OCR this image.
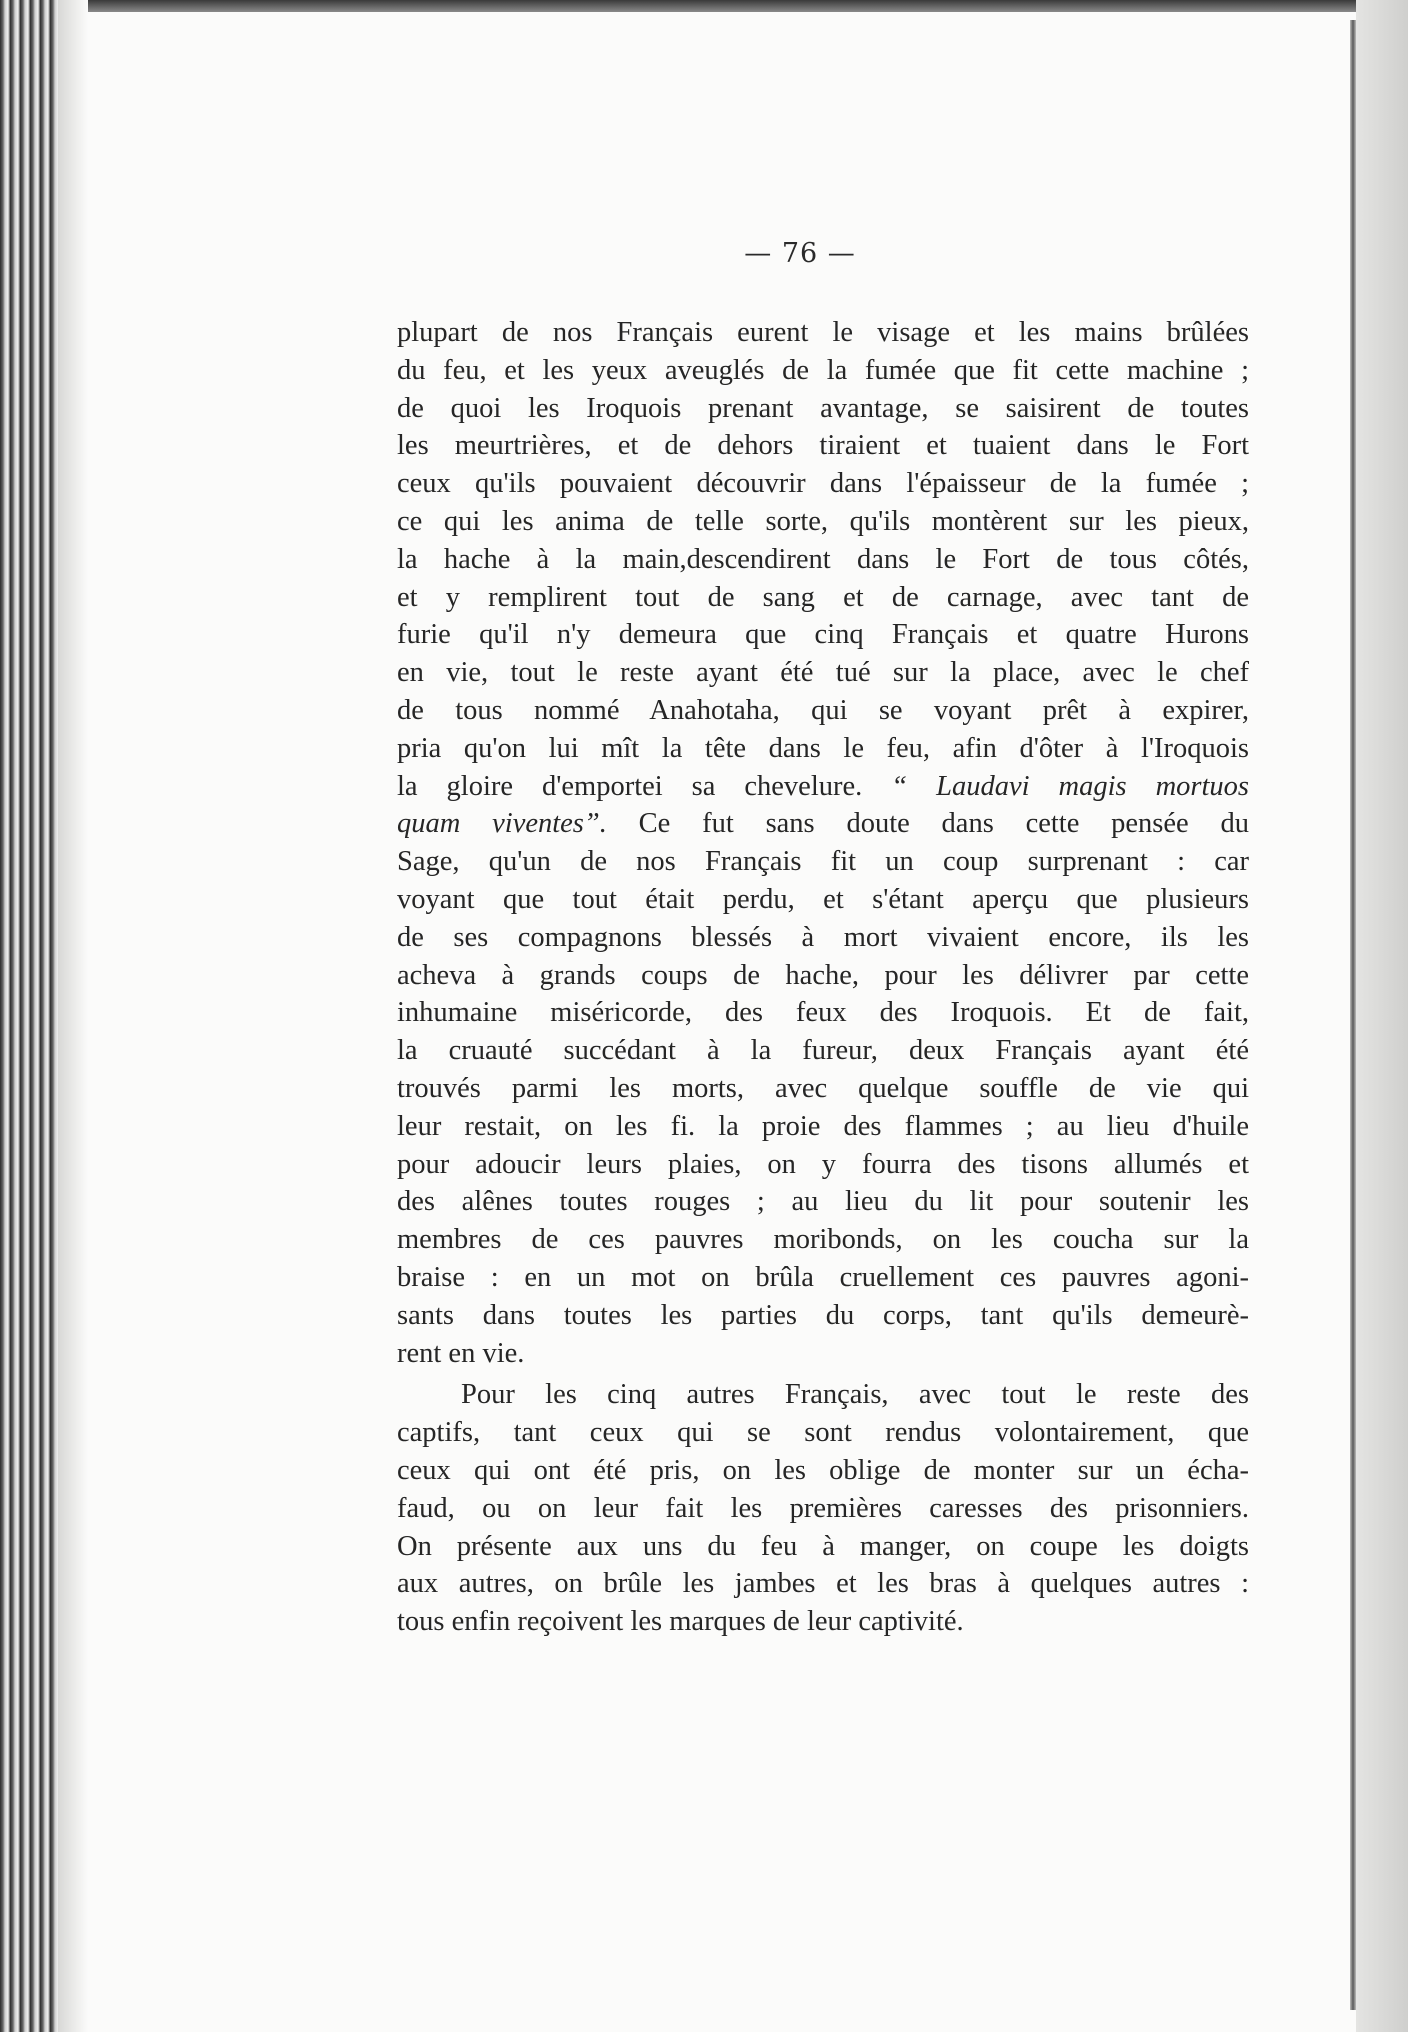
— 76 —
plupart de nos Français eurent le visage et les mains brûlées
du feu, et les yeux aveuglés de la fumée que fit cette machine ;
de quoi les Iroquois prenant avantage, se saisirent de toutes
les meurtrières, et de dehors tiraient et tuaient dans le Fort
ceux qu'ils pouvaient découvrir dans l'épaisseur de la fumée ;
ce qui les anima de telle sorte, qu'ils montèrent sur les pieux,
la hache à la main,descendirent dans le Fort de tous côtés,
et y remplirent tout de sang et de carnage, avec tant de
furie qu'il n'y demeura que cinq Français et quatre Hurons
en vie, tout le reste ayant été tué sur la place, avec le chef
de tous nommé Anahotaha, qui se voyant prêt à expirer,
pria qu'on lui mît la tête dans le feu, afin d'ôter à l'Iroquois
la gloire d'emportei sa chevelure. “ Laudavi magis mortuos
quam viventes”. Ce fut sans doute dans cette pensée du
Sage, qu'un de nos Français fit un coup surprenant : car
voyant que tout était perdu, et s'étant aperçu que plusieurs
de ses compagnons blessés à mort vivaient encore, ils les
acheva à grands coups de hache, pour les délivrer par cette
inhumaine miséricorde, des feux des Iroquois. Et de fait,
la cruauté succédant à la fureur, deux Français ayant été
trouvés parmi les morts, avec quelque souffle de vie qui
leur restait, on les fi. la proie des flammes ; au lieu d'huile
pour adoucir leurs plaies, on y fourra des tisons allumés et
des alênes toutes rouges ; au lieu du lit pour soutenir les
membres de ces pauvres moribonds, on les coucha sur la
braise : en un mot on brûla cruellement ces pauvres agoni-
sants dans toutes les parties du corps, tant qu'ils demeurè-
rent en vie.
Pour les cinq autres Français, avec tout le reste des
captifs, tant ceux qui se sont rendus volontairement, que
ceux qui ont été pris, on les oblige de monter sur un écha-
faud, ou on leur fait les premières caresses des prisonniers.
On présente aux uns du feu à manger, on coupe les doigts
aux autres, on brûle les jambes et les bras à quelques autres :
tous enfin reçoivent les marques de leur captivité.
